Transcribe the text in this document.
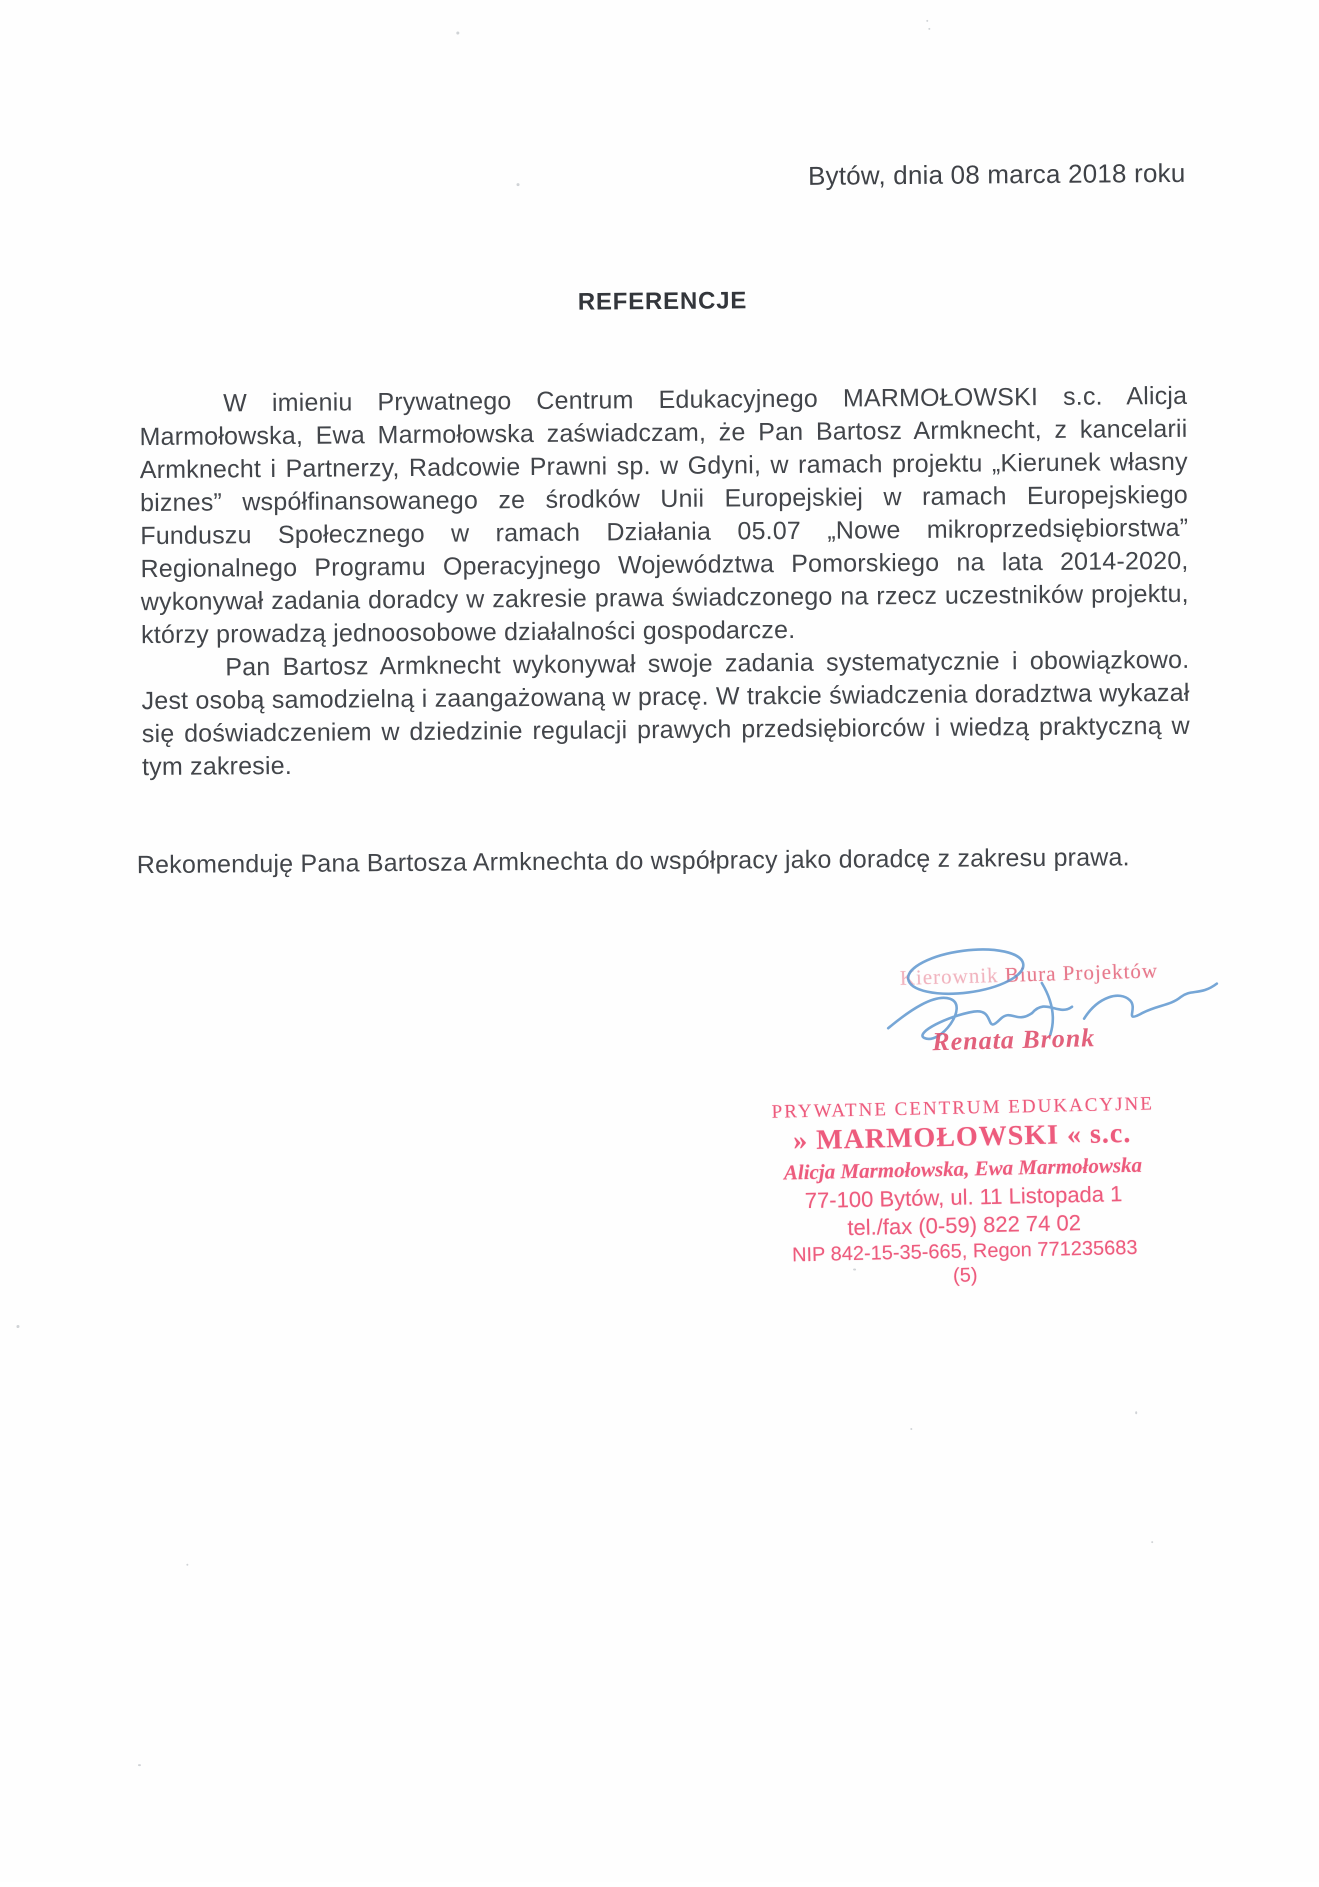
Bytów, dnia 08 marca 2018 roku
REFERENCJE
W imieniu Prywatnego Centrum Edukacyjnego MARMOŁOWSKI s.c. Alicja
Marmołowska, Ewa Marmołowska zaświadczam, że Pan Bartosz Armknecht, z kancelarii
Armknecht i Partnerzy, Radcowie Prawni sp. w Gdyni, w ramach projektu „Kierunek własny
biznes” współfinansowanego ze środków Unii Europejskiej w ramach Europejskiego
Funduszu Społecznego w ramach Działania 05.07 „Nowe mikroprzedsiębiorstwa”
Regionalnego Programu Operacyjnego Województwa Pomorskiego na lata 2014-2020,
wykonywał zadania doradcy w zakresie prawa świadczonego na rzecz uczestników projektu,
którzy prowadzą jednoosobowe działalności gospodarcze.
Pan Bartosz Armknecht wykonywał swoje zadania systematycznie i obowiązkowo.
Jest osobą samodzielną i zaangażowaną w pracę. W trakcie świadczenia doradztwa wykazał
się doświadczeniem w dziedzinie regulacji prawych przedsiębiorców i wiedzą praktyczną w
tym zakresie.
Rekomenduję Pana Bartosza Armknechta do współpracy jako doradcę z zakresu prawa.
Kierownik Biura Projektów
Renata Bronk
PRYWATNE CENTRUM EDUKACYJNE
» MARMOŁOWSKI « s.c.
Alicja Marmołowska, Ewa Marmołowska
77-100 Bytów, ul. 11 Listopada 1
tel./fax (0-59) 822 74 02
NIP 842-15-35-665, Regon 771235683
(5)
